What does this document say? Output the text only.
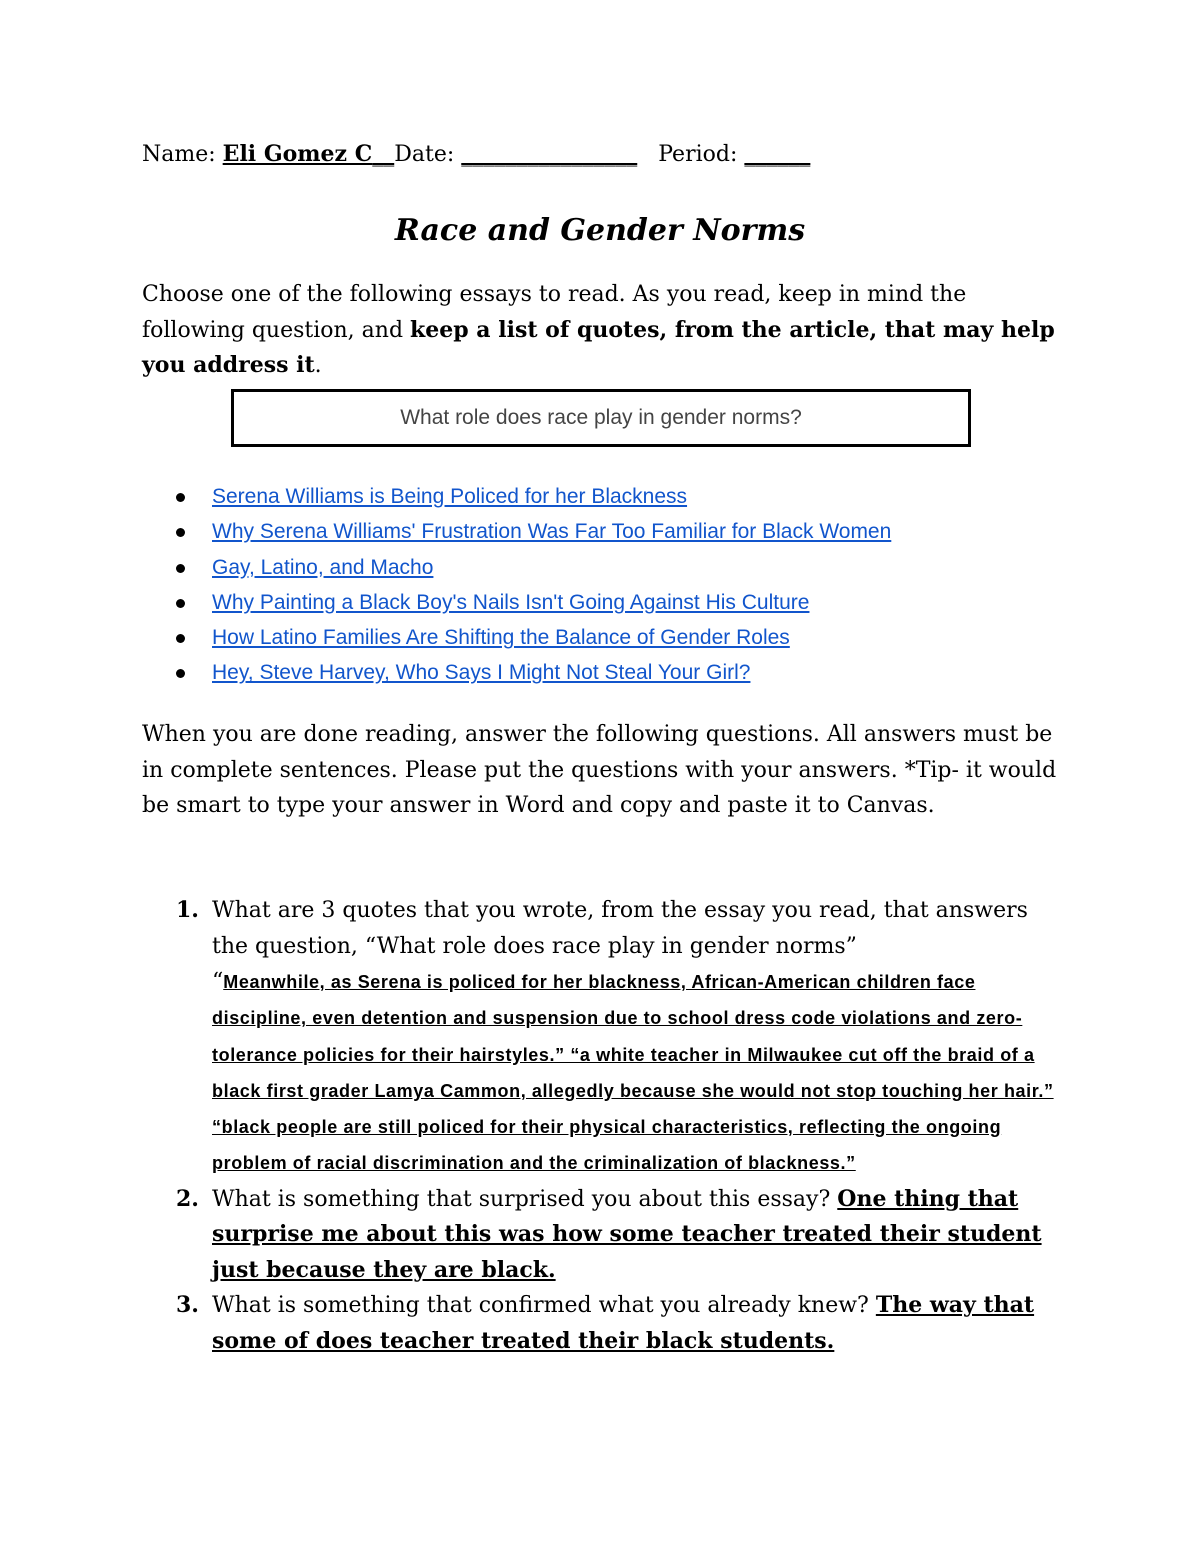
Name: Eli Gomez C__Date: ________________ Period: ______
Race and Gender Norms
Choose one of the following essays to read. As you read, keep in mind the following question, and keep a list of quotes, from the article, that may help you address it.
What role does race play in gender norms?
Serena Williams is Being Policed for her Blackness
Why Serena Williams' Frustration Was Far Too Familiar for Black Women
Gay, Latino, and Macho
Why Painting a Black Boy's Nails Isn't Going Against His Culture
How Latino Families Are Shifting the Balance of Gender Roles
Hey, Steve Harvey, Who Says I Might Not Steal Your Girl?
When you are done reading, answer the following questions. All answers must be in complete sentences. Please put the questions with your answers. *Tip- it would be smart to type your answer in Word and copy and paste it to Canvas.
1. What are 3 quotes that you wrote, from the essay you read, that answers the question, “What role does race play in gender norms”
“Meanwhile, as Serena is policed for her blackness, African-American children face discipline, even detention and suspension due to school dress code violations and zero-tolerance policies for their hairstyles.” “a white teacher in Milwaukee cut off the braid of a black first grader Lamya Cammon, allegedly because she would not stop touching her hair.” “black people are still policed for their physical characteristics, reflecting the ongoing problem of racial discrimination and the criminalization of blackness.”
2. What is something that surprised you about this essay? One thing that surprise me about this was how some teacher treated their student just because they are black.
3. What is something that confirmed what you already knew? The way that some of does teacher treated their black students.
